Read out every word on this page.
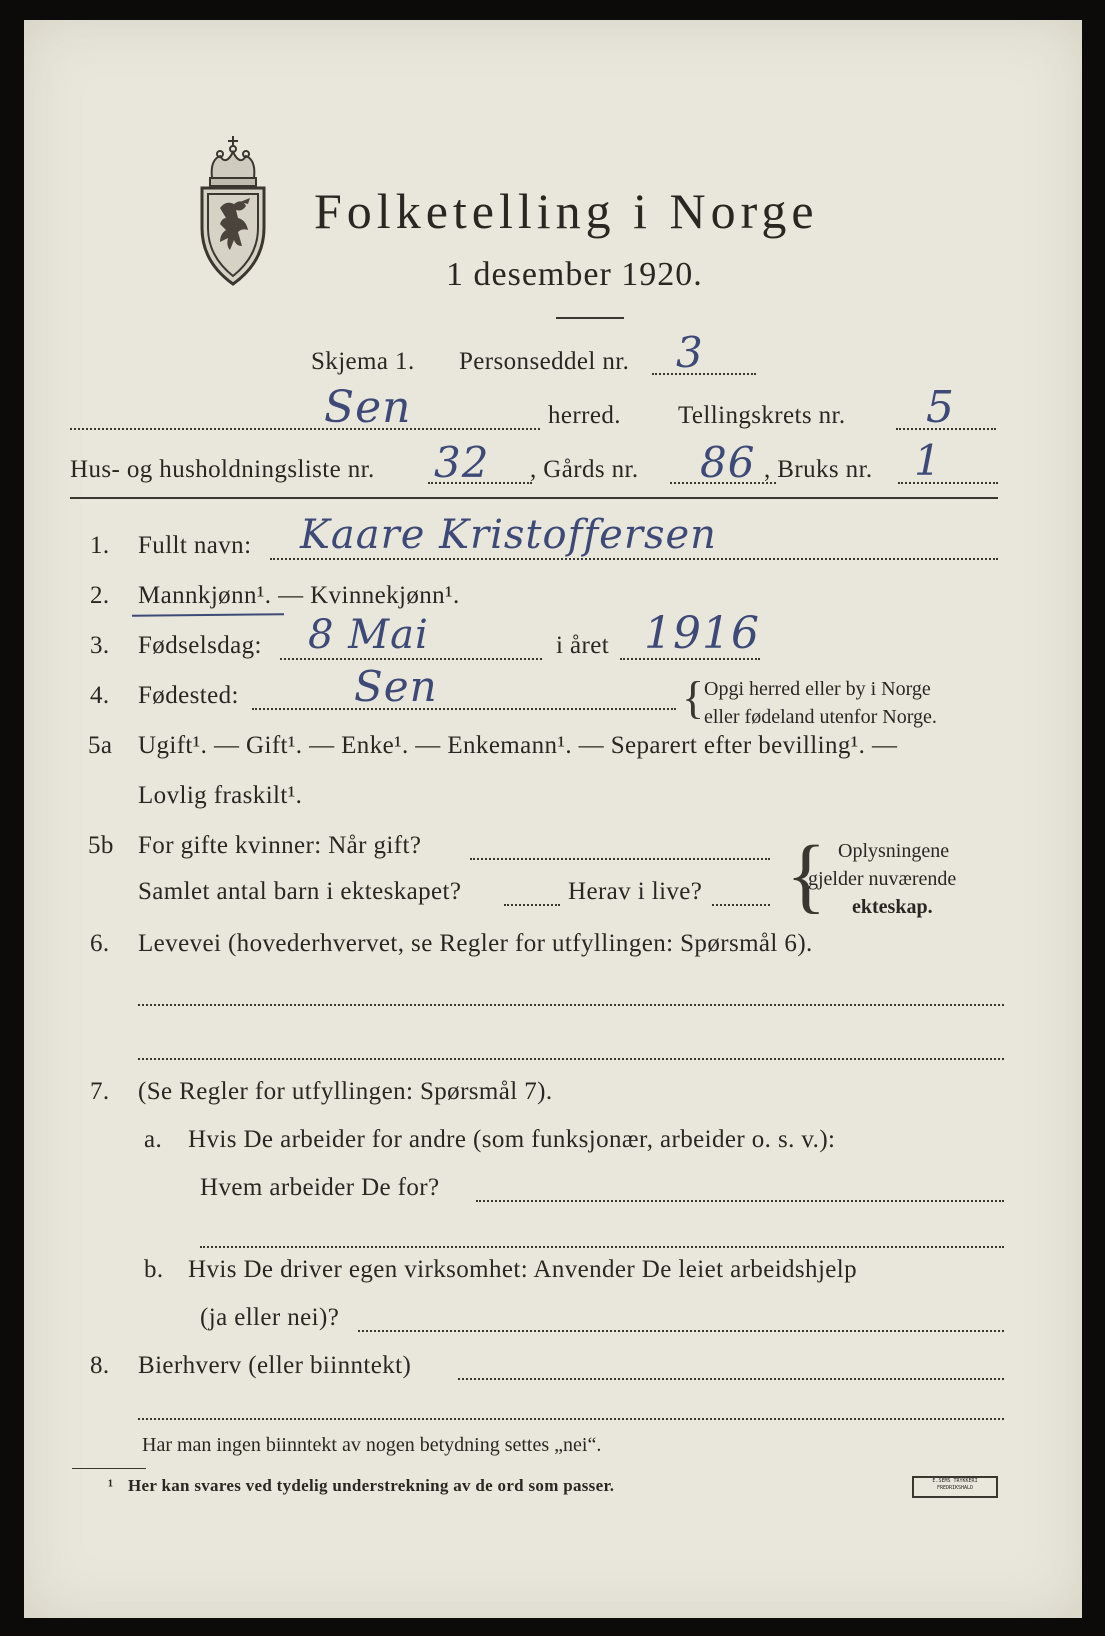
Folketelling i Norge
1 desember 1920.
Skjema 1. Personseddel nr. 3
Sen	herred. Tellingskrets nr. 5
Hus- og husholdningsliste nr. 32 , Gårds nr. 86 , Bruks nr. 1
1. Fullt navn: Kaare Kristoffersen
2. Mannkjønn¹. — Kvinnekjønn¹.
3. Fødselsdag: 8 Mai	i året 1916
4. Fødested:	Sen	{ Opgi herred eller by i Norge
eller fødeland utenfor Norge.
5a Ugift¹. — Gift¹. — Enke¹. — Enkemann¹. — Separert efter bevilling¹. —
Lovlig fraskilt¹.
5b For gifte kvinner: Når gift?
Samlet antal barn i ekteskapet?	Herav i live? { Oplysningene
gjelder nuværende
ekteskap.
6. Levevei (hovederhvervet, se Regler for utfyllingen: Spørsmål 6).
7. (Se Regler for utfyllingen: Spørsmål 7).
a. Hvis De arbeider for andre (som funksjonær, arbeider o. s. v.):
Hvem arbeider De for?
b. Hvis De driver egen virksomhet: Anvender De leiet arbeidshjelp
(ja eller nei)?
8. Bierhverv (eller biinntekt)
Har man ingen biinntekt av nogen betydning settes „nei“.
¹ Her kan svares ved tydelig understrekning av de ord som passer.	E.SEMS TRYKKERI FREDRIKSHALD
